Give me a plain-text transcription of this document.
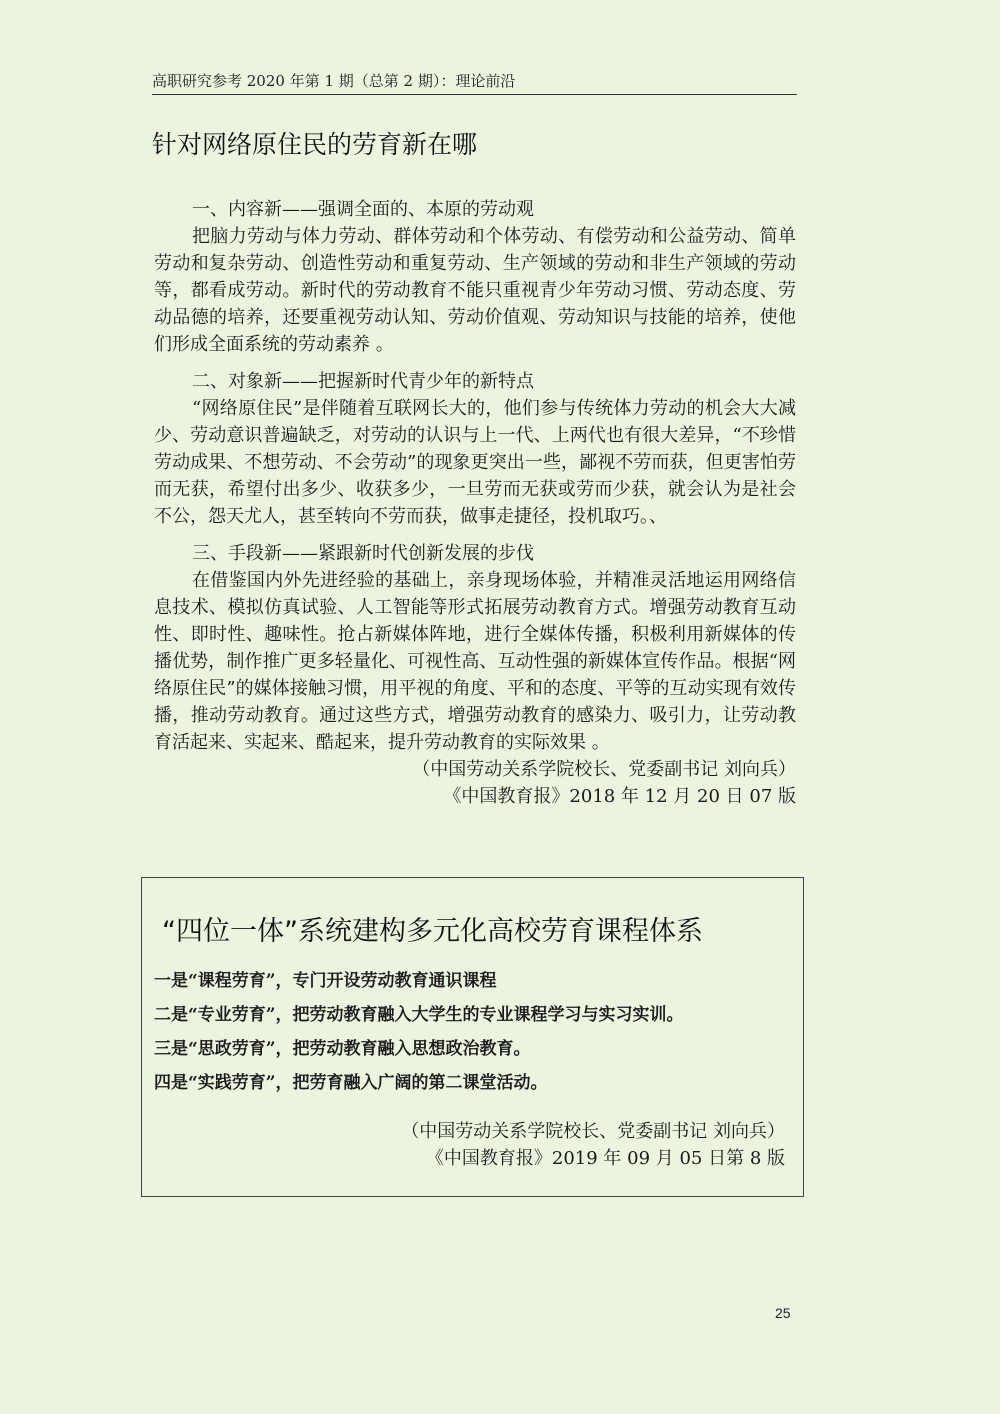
高职研究参考 2020 年第 1 期（总第 2 期）：理论前沿
针对网络原住民的劳育新在哪

一、内容新——强调全面的、本原的劳动观

把脑力劳动与体力劳动、群体劳动和个体劳动、有偿劳动和公益劳动、简单劳动和复杂劳动、创造性劳动和重复劳动、生产领域的劳动和非生产领域的劳动等，都看成劳动。新时代的劳动教育不能只重视青少年劳动习惯、劳动态度、劳动品德的培养，还要重视劳动认知、劳动价值观、劳动知识与技能的培养，使他们形成全面系统的劳动素养 。

二、对象新——把握新时代青少年的新特点

“网络原住民”是伴随着互联网长大的，他们参与传统体力劳动的机会大大减少、劳动意识普遍缺乏，对劳动的认识与上一代、上两代也有很大差异，“不珍惜劳动成果、不想劳动、不会劳动”的现象更突出一些，鄙视不劳而获，但更害怕劳而无获，希望付出多少、收获多少，一旦劳而无获或劳而少获，就会认为是社会不公，怨天尤人，甚至转向不劳而获，做事走捷径，投机取巧。、

三、手段新——紧跟新时代创新发展的步伐

在借鉴国内外先进经验的基础上，亲身现场体验，并精准灵活地运用网络信息技术、模拟仿真试验、人工智能等形式拓展劳动教育方式。增强劳动教育互动性、即时性、趣味性。抢占新媒体阵地，进行全媒体传播，积极利用新媒体的传播优势，制作推广更多轻量化、可视性高、互动性强的新媒体宣传作品。根据“网络原住民”的媒体接触习惯，用平视的角度、平和的态度、平等的互动实现有效传播，推动劳动教育。通过这些方式，增强劳动教育的感染力、吸引力，让劳动教育活起来、实起来、酷起来，提升劳动教育的实际效果 。

（中国劳动关系学院校长、党委副书记 刘向兵）

《中国教育报》2018 年 12 月 20 日 07 版

“四位一体”系统建构多元化高校劳育课程体系
一是“课程劳育”，专门开设劳动教育通识课程
二是“专业劳育”，把劳动教育融入大学生的专业课程学习与实习实训。
三是“思政劳育”，把劳动教育融入思想政治教育。
四是“实践劳育”，把劳育融入广阔的第二课堂活动。
（中国劳动关系学院校长、党委副书记 刘向兵）
《中国教育报》2019 年 09 月 05 日第 8 版
25
